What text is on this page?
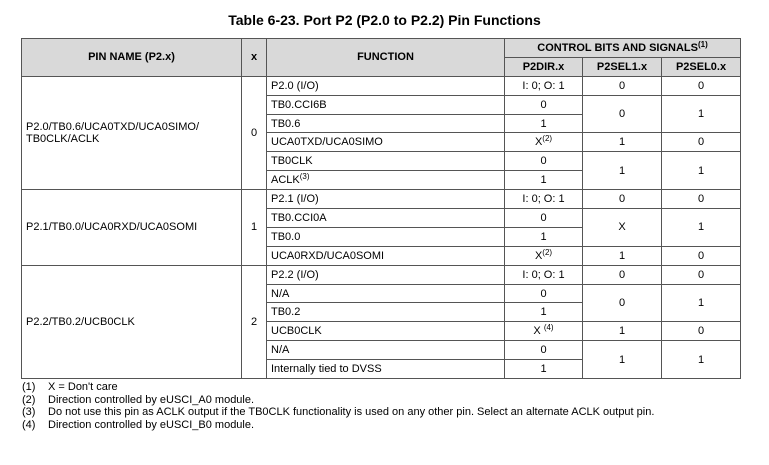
Table 6-23. Port P2 (P2.0 to P2.2) Pin Functions
PIN NAME (P2.x)	x	FUNCTION	CONTROL BITS AND SIGNALS$^{(1)}$
			P2DIR.x	P2SEL1.x	P2SEL0.x
P2.0/TB0.6/UCA0TXD/UCA0SIMO/
TB0CLK/ACLK	0	P2.0 (I/O)	I: 0; O: 1	0	0
		TB0.CCI6B	0	0	1
		TB0.6	1		
		UCA0TXD/UCA0SIMO	$X^{(2)}$	1	0
		TB0CLK	0	1	1
		ACLK$^{(3)}$	1		
P2.1/TB0.0/UCA0RXD/UCA0SOMI	1	P2.1 (I/O)	I: 0; O: 1	0	0
		TB0.CCI0A	0	X	1
		TB0.0	1		
		UCA0RXD/UCA0SOMI	$X^{(2)}$	1	0
P2.2/TB0.2/UCB0CLK	2	P2.2 (I/O)	I: 0; O: 1	0	0
		N/A	0	0	1
		TB0.2	1		
		UCB0CLK	X $^{(4)}$	1	0
		N/A	0	1	1
		Internally tied to DVSS	1		
(1)	X = Don't care
(2)	Direction controlled by eUSCI_A0 module.
(3)	Do not use this pin as ACLK output if the TB0CLK functionality is used on any other pin. Select an alternate ACLK output pin.
(4)	Direction controlled by eUSCI_B0 module.
